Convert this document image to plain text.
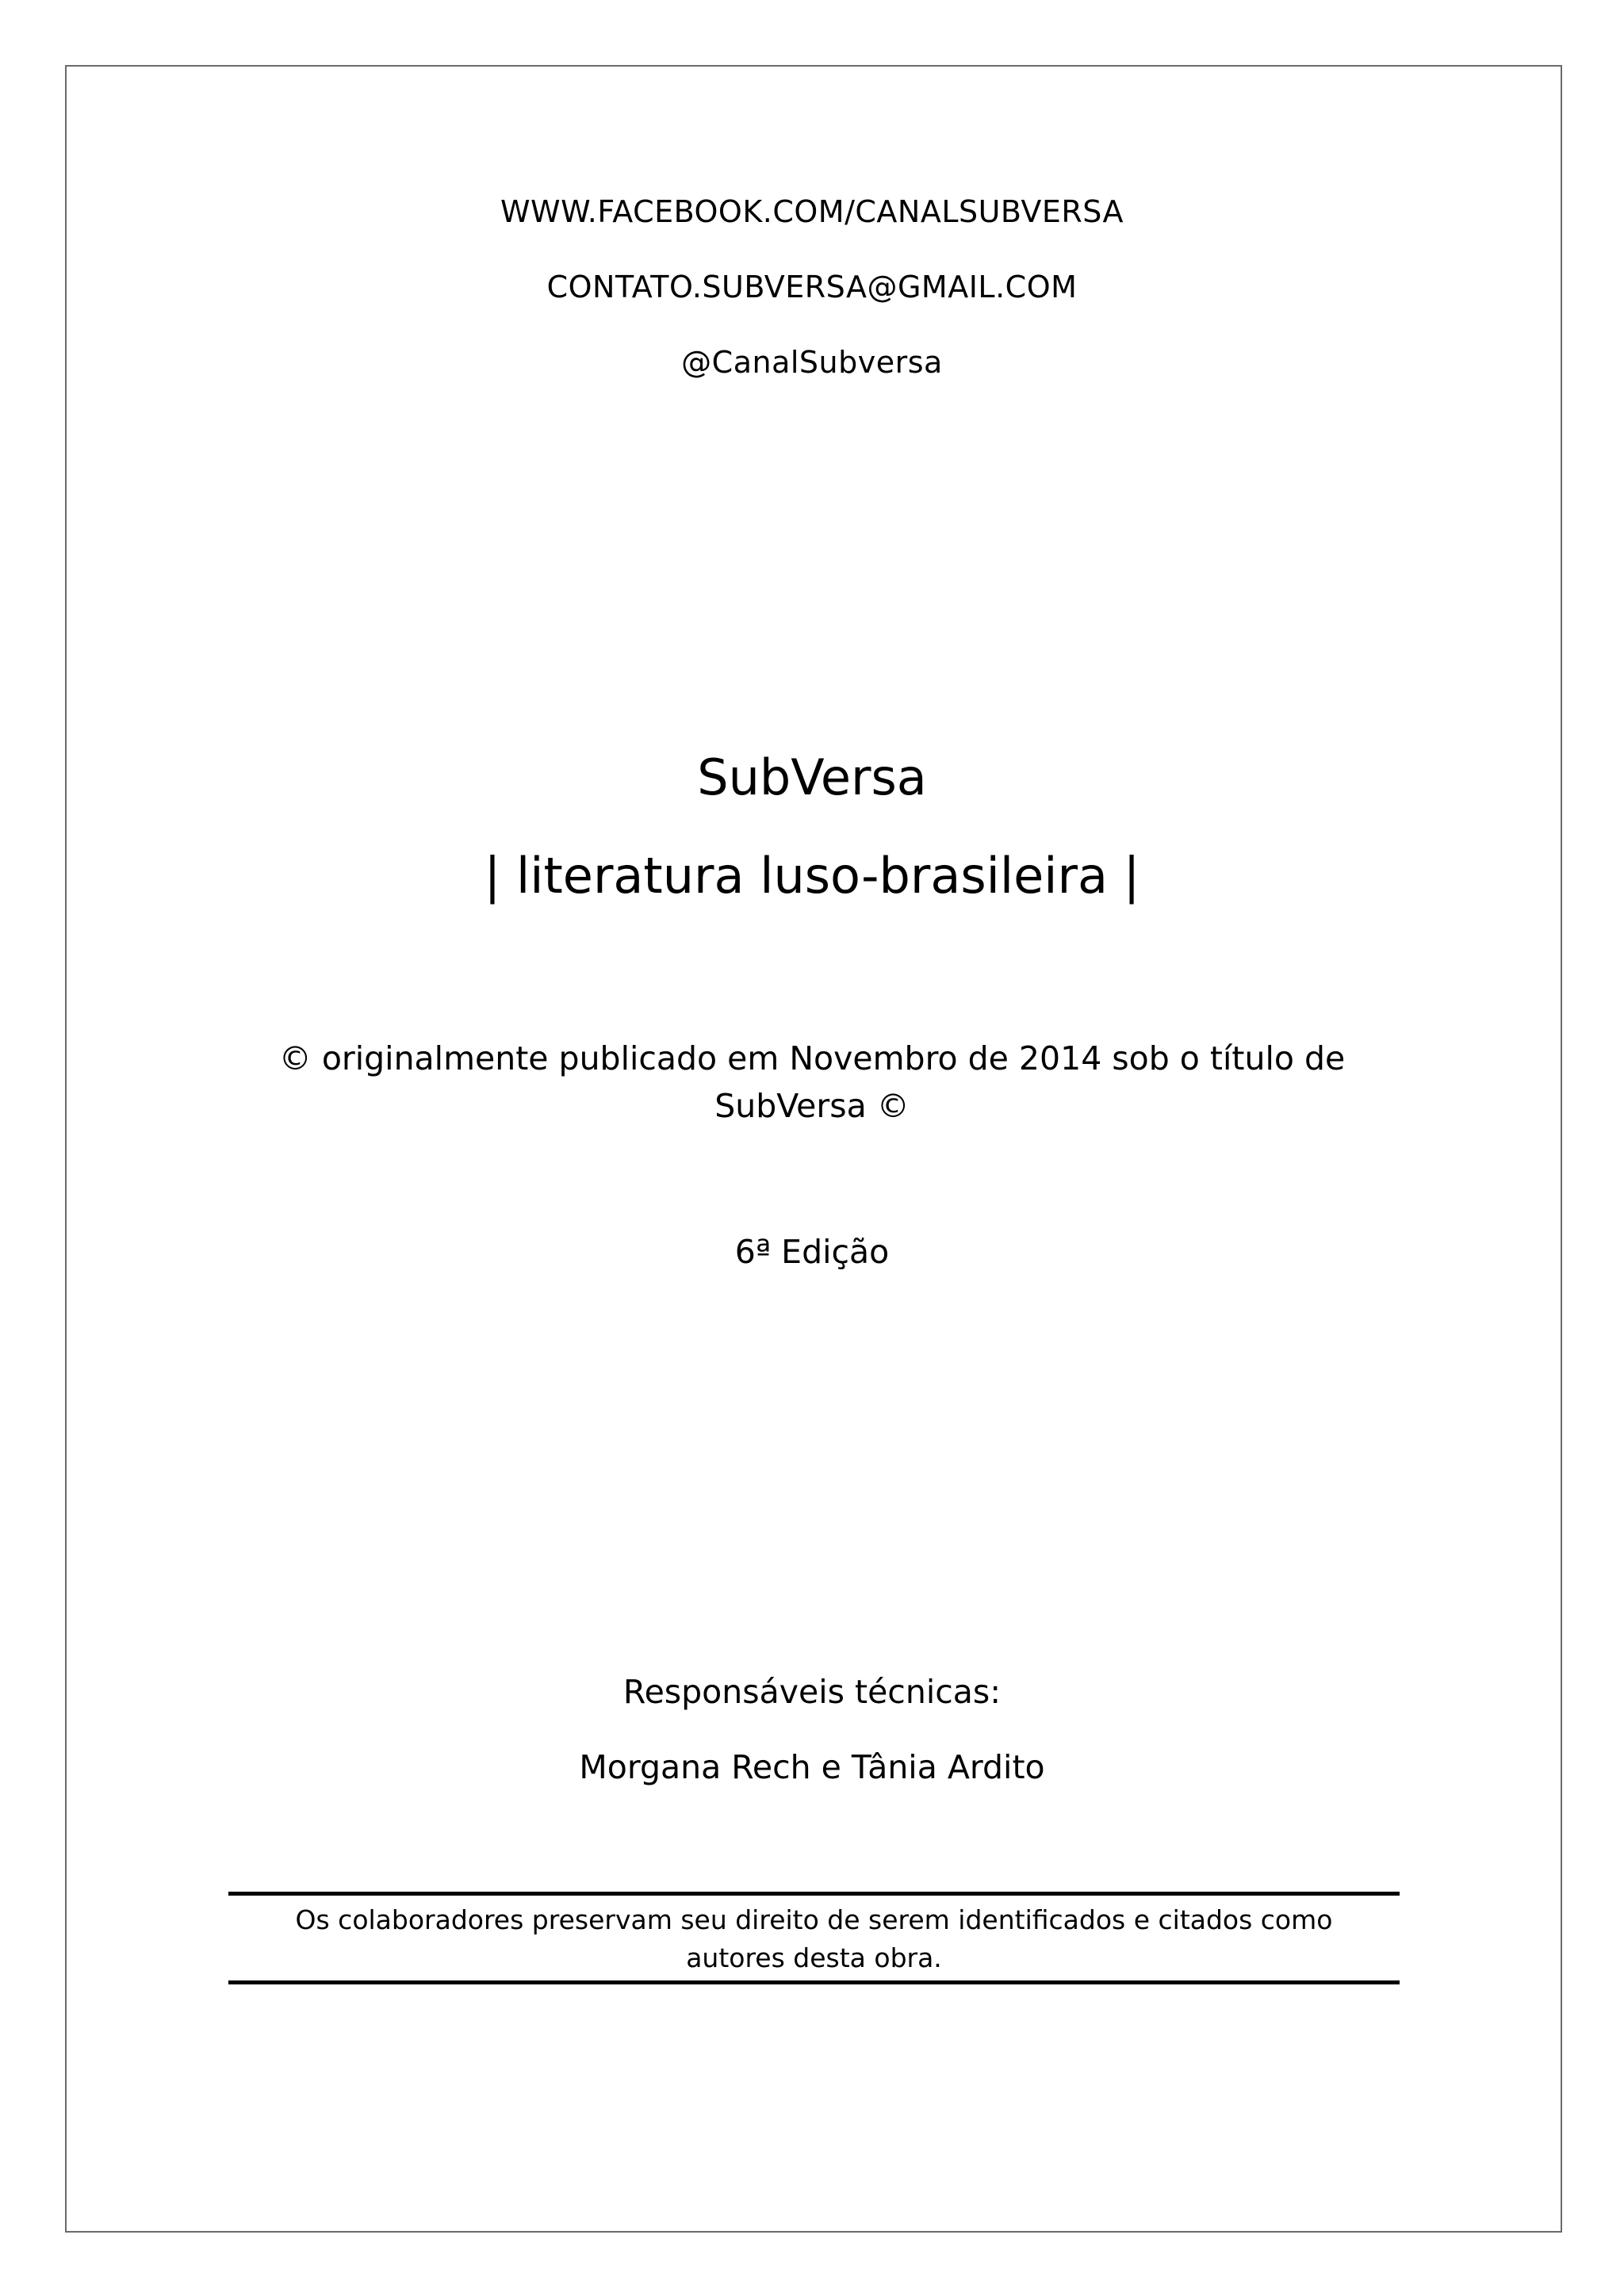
WWW.FACEBOOK.COM/CANALSUBVERSA
CONTATO.SUBVERSA@GMAIL.COM
@CanalSubversa
SubVersa
| literatura luso-brasileira |
© originalmente publicado em Novembro de 2014 sob o título de
SubVersa ©
6ª Edição
Responsáveis técnicas:
Morgana Rech e Tânia Ardito
Os colaboradores preservam seu direito de serem identificados e citados como
autores desta obra.
